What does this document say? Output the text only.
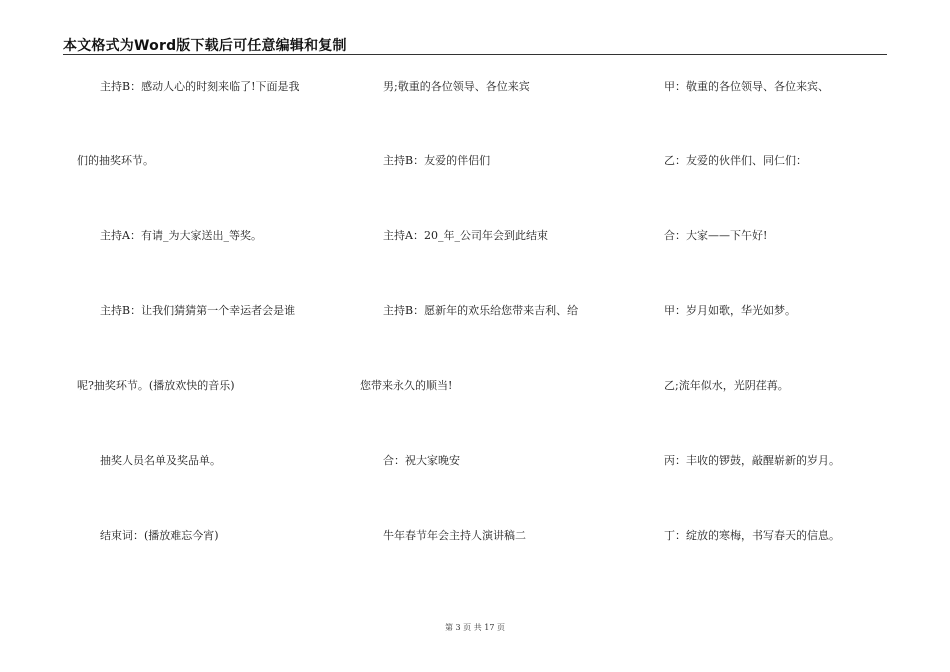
本文格式为Word版下载后可任意编辑和复制
主持B：感动人心的时刻来临了!下面是我
们的抽奖环节。
主持A：有请_为大家送出_等奖。
主持B：让我们猜猜第一个幸运者会是谁
呢?抽奖环节。(播放欢快的音乐)
抽奖人员名单及奖品单。
结束词：(播放难忘今宵)
男;敬重的各位领导、各位来宾
主持B：友爱的伴侣们
主持A：20_年_公司年会到此结束
主持B：愿新年的欢乐给您带来吉利、给
您带来永久的顺当!
合：祝大家晚安
牛年春节年会主持人演讲稿二
甲：敬重的各位领导、各位来宾、
乙：友爱的伙伴们、同仁们：
合：大家——下午好!
甲：岁月如歌，华光如梦。
乙;流年似水，光阴荏苒。
丙：丰收的锣鼓，敲醒崭新的岁月。
丁：绽放的寒梅，书写春天的信息。
第 3 页 共 17 页
